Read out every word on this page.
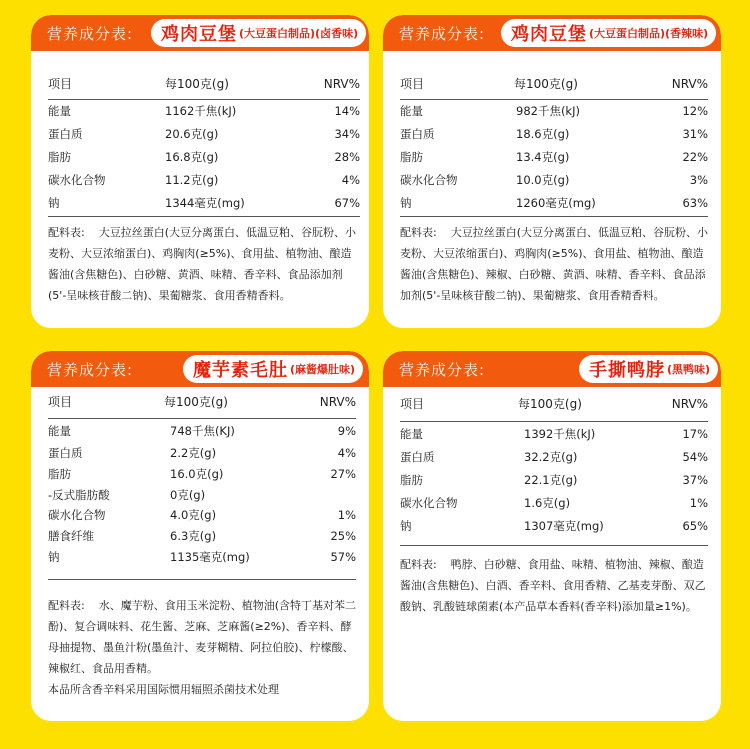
营养成分表: 鸡肉豆堡 (大豆蛋白制品)(卤香味)
项目	每100克(g)	NRV%
能量	1162千焦(kJ)	14%
蛋白质	20.6克(g)	34%
脂肪	16.8克(g)	28%
碳水化合物	11.2克(g)	4%
钠	1344毫克(mg)	67%
配料表: 大豆拉丝蛋白(大豆分离蛋白、低温豆粕、谷朊粉、小麦粉、大豆浓缩蛋白)、鸡胸肉(≥5%)、食用盐、植物油、酿造酱油(含焦糖色)、白砂糖、黄酒、味精、香辛料、食品添加剂(5'-呈味核苷酸二钠)、果葡糖浆、食用香精香料。
营养成分表: 鸡肉豆堡 (大豆蛋白制品)(香辣味)
项目	每100克(g)	NRV%
能量	982千焦(kJ)	12%
蛋白质	18.6克(g)	31%
脂肪	13.4克(g)	22%
碳水化合物	10.0克(g)	3%
钠	1260毫克(mg)	63%
配料表: 大豆拉丝蛋白(大豆分离蛋白、低温豆粕、谷朊粉、小麦粉、大豆浓缩蛋白)、鸡胸肉(≥5%)、食用盐、植物油、酿造酱油(含焦糖色)、辣椒、白砂糖、黄酒、味精、香辛料、食品添加剂(5'-呈味核苷酸二钠)、果葡糖浆、食用香精香料。
营养成分表:	魔芋素毛肚 (麻酱爆肚味)
项目	每100克(g)	NRV%
能量	748千焦(KJ)	9%
蛋白质	2.2克(g)	4%
脂肪	16.0克(g)	27%
-反式脂肪酸	0克(g)
碳水化合物	4.0克(g)	1%
膳食纤维	6.3克(g)	25%
钠	1135毫克(mg)	57%
配料表: 水、魔芋粉、食用玉米淀粉、植物油(含特丁基对苯二酚)、复合调味料、花生酱、芝麻、芝麻酱(≥2%)、香辛料、酵母抽提物、墨鱼汁粉(墨鱼汁、麦芽糊精、阿拉伯胶)、柠檬酸、辣椒红、食品用香精。
本品所含香辛料采用国际惯用辐照杀菌技术处理
营养成分表:	手撕鸭脖 (黑鸭味)
项目	每100克(g)	NRV%
能量	1392千焦(kJ)	17%
蛋白质	32.2克(g)	54%
脂肪	22.1克(g)	37%
碳水化合物	1.6克(g)	1%
钠	1307毫克(mg)	65%
配料表: 鸭脖、白砂糖、食用盐、味精、植物油、辣椒、酿造酱油(含焦糖色)、白酒、香辛料、食用香精、乙基麦芽酚、双乙酸钠、乳酸链球菌素(本产品草本香料(香辛料)添加量≥1%)。
